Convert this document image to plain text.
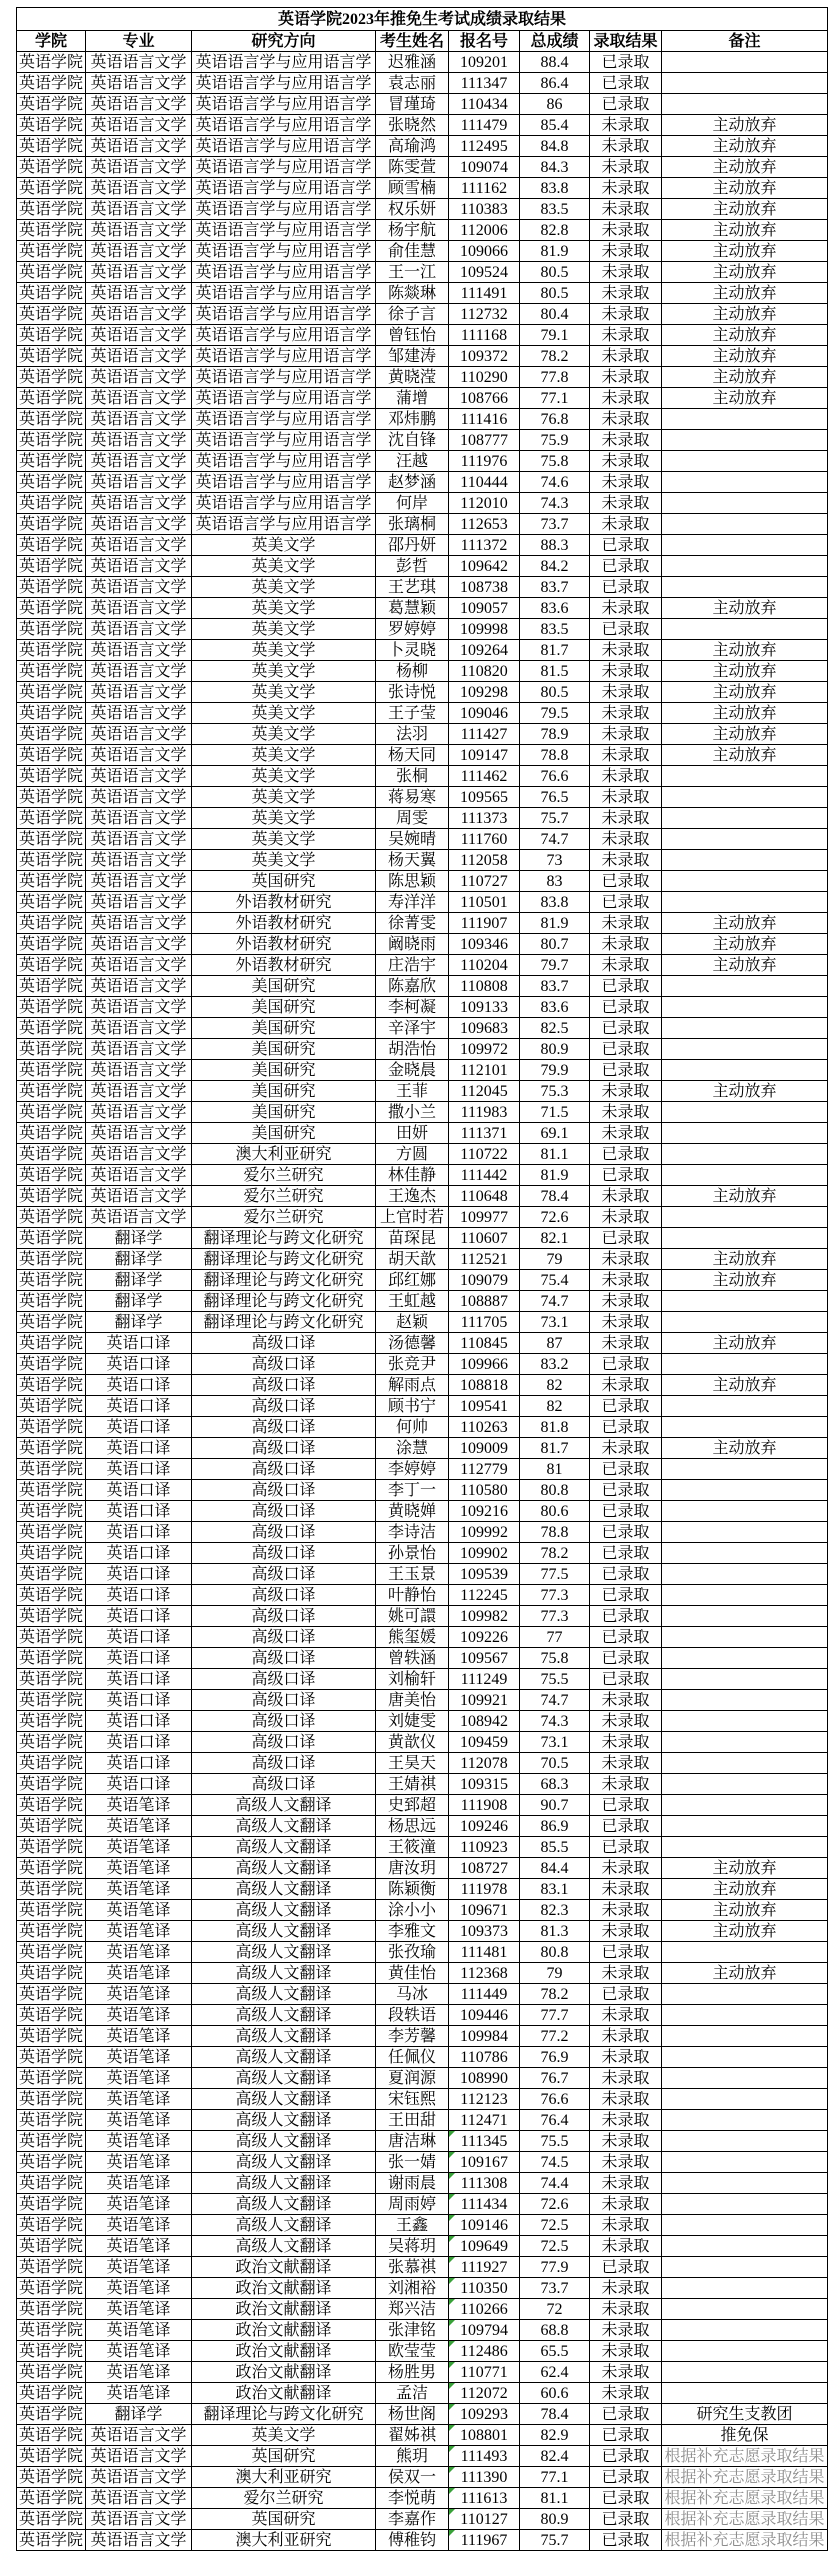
英语学院2023年推免生考试成绩录取结果							
学院	专业	研究方向	考生姓名	报名号	总成绩	录取结果	备注
英语学院	英语语言文学	英语语言学与应用语言学	迟雅涵	109201	88.4	已录取	
英语学院	英语语言文学	英语语言学与应用语言学	袁志丽	111347	86.4	已录取	
英语学院	英语语言文学	英语语言学与应用语言学	冒瑾琦	110434	86	已录取	
英语学院	英语语言文学	英语语言学与应用语言学	张晓然	111479	85.4	未录取	主动放弃
英语学院	英语语言文学	英语语言学与应用语言学	高瑜鸿	112495	84.8	未录取	主动放弃
英语学院	英语语言文学	英语语言学与应用语言学	陈雯萱	109074	84.3	未录取	主动放弃
英语学院	英语语言文学	英语语言学与应用语言学	顾雪楠	111162	83.8	未录取	主动放弃
英语学院	英语语言文学	英语语言学与应用语言学	权乐妍	110383	83.5	未录取	主动放弃
英语学院	英语语言文学	英语语言学与应用语言学	杨宇航	112006	82.8	未录取	主动放弃
英语学院	英语语言文学	英语语言学与应用语言学	俞佳慧	109066	81.9	未录取	主动放弃
英语学院	英语语言文学	英语语言学与应用语言学	王一江	109524	80.5	未录取	主动放弃
英语学院	英语语言文学	英语语言学与应用语言学	陈燚琳	111491	80.5	未录取	主动放弃
英语学院	英语语言文学	英语语言学与应用语言学	徐子言	112732	80.4	未录取	主动放弃
英语学院	英语语言文学	英语语言学与应用语言学	曾钰怡	111168	79.1	未录取	主动放弃
英语学院	英语语言文学	英语语言学与应用语言学	邹建涛	109372	78.2	未录取	主动放弃
英语学院	英语语言文学	英语语言学与应用语言学	黄晓滢	110290	77.8	未录取	主动放弃
英语学院	英语语言文学	英语语言学与应用语言学	蒲增	108766	77.1	未录取	主动放弃
英语学院	英语语言文学	英语语言学与应用语言学	邓炜鹏	111416	76.8	未录取	
英语学院	英语语言文学	英语语言学与应用语言学	沈自锋	108777	75.9	未录取	
英语学院	英语语言文学	英语语言学与应用语言学	汪越	111976	75.8	未录取	
英语学院	英语语言文学	英语语言学与应用语言学	赵梦涵	110444	74.6	未录取	
英语学院	英语语言文学	英语语言学与应用语言学	何岸	112010	74.3	未录取	
英语学院	英语语言文学	英语语言学与应用语言学	张璃桐	112653	73.7	未录取	
英语学院	英语语言文学	英美文学	邵丹妍	111372	88.3	已录取	
英语学院	英语语言文学	英美文学	彭哲	109642	84.2	已录取	
英语学院	英语语言文学	英美文学	王艺琪	108738	83.7	已录取	
英语学院	英语语言文学	英美文学	葛慧颖	109057	83.6	未录取	主动放弃
英语学院	英语语言文学	英美文学	罗婷婷	109998	83.5	已录取	
英语学院	英语语言文学	英美文学	卜灵晓	109264	81.7	未录取	主动放弃
英语学院	英语语言文学	英美文学	杨柳	110820	81.5	未录取	主动放弃
英语学院	英语语言文学	英美文学	张诗悦	109298	80.5	未录取	主动放弃
英语学院	英语语言文学	英美文学	王子莹	109046	79.5	未录取	主动放弃
英语学院	英语语言文学	英美文学	法羽	111427	78.9	未录取	主动放弃
英语学院	英语语言文学	英美文学	杨天同	109147	78.8	未录取	主动放弃
英语学院	英语语言文学	英美文学	张桐	111462	76.6	未录取	
英语学院	英语语言文学	英美文学	蒋易寒	109565	76.5	未录取	
英语学院	英语语言文学	英美文学	周雯	111373	75.7	未录取	
英语学院	英语语言文学	英美文学	吴婉晴	111760	74.7	未录取	
英语学院	英语语言文学	英美文学	杨天翼	112058	73	未录取	
英语学院	英语语言文学	英国研究	陈思颖	110727	83	已录取	
英语学院	英语语言文学	外语教材研究	寿洋洋	110501	83.8	已录取	
英语学院	英语语言文学	外语教材研究	徐菁雯	111907	81.9	未录取	主动放弃
英语学院	英语语言文学	外语教材研究	阚晓雨	109346	80.7	未录取	主动放弃
英语学院	英语语言文学	外语教材研究	庄浩宇	110204	79.7	未录取	主动放弃
英语学院	英语语言文学	美国研究	陈嘉欣	110808	83.7	已录取	
英语学院	英语语言文学	美国研究	李柯凝	109133	83.6	已录取	
英语学院	英语语言文学	美国研究	辛泽宇	109683	82.5	已录取	
英语学院	英语语言文学	美国研究	胡浩怡	109972	80.9	已录取	
英语学院	英语语言文学	美国研究	金晓晨	112101	79.9	已录取	
英语学院	英语语言文学	美国研究	王菲	112045	75.3	未录取	主动放弃
英语学院	英语语言文学	美国研究	撒小兰	111983	71.5	未录取	
英语学院	英语语言文学	美国研究	田妍	111371	69.1	未录取	
英语学院	英语语言文学	澳大利亚研究	方圆	110722	81.1	已录取	
英语学院	英语语言文学	爱尔兰研究	林佳静	111442	81.9	已录取	
英语学院	英语语言文学	爱尔兰研究	王逸杰	110648	78.4	未录取	主动放弃
英语学院	英语语言文学	爱尔兰研究	上官时若	109977	72.6	未录取	
英语学院	翻译学	翻译理论与跨文化研究	苗琛昆	110607	82.1	已录取	
英语学院	翻译学	翻译理论与跨文化研究	胡天歆	112521	79	未录取	主动放弃
英语学院	翻译学	翻译理论与跨文化研究	邱红娜	109079	75.4	未录取	主动放弃
英语学院	翻译学	翻译理论与跨文化研究	王虹越	108887	74.7	未录取	
英语学院	翻译学	翻译理论与跨文化研究	赵颖	111705	73.1	未录取	
英语学院	英语口译	高级口译	汤德馨	110845	87	未录取	主动放弃
英语学院	英语口译	高级口译	张竞尹	109966	83.2	已录取	
英语学院	英语口译	高级口译	解雨点	108818	82	未录取	主动放弃
英语学院	英语口译	高级口译	顾书宁	109541	82	已录取	
英语学院	英语口译	高级口译	何帅	110263	81.8	已录取	
英语学院	英语口译	高级口译	涂慧	109009	81.7	未录取	主动放弃
英语学院	英语口译	高级口译	李婷婷	112779	81	已录取	
英语学院	英语口译	高级口译	李丁一	110580	80.8	已录取	
英语学院	英语口译	高级口译	黄晓婵	109216	80.6	已录取	
英语学院	英语口译	高级口译	李诗洁	109992	78.8	已录取	
英语学院	英语口译	高级口译	孙景怡	109902	78.2	已录取	
英语学院	英语口译	高级口译	王玉景	109539	77.5	已录取	
英语学院	英语口译	高级口译	叶静怡	112245	77.3	已录取	
英语学院	英语口译	高级口译	姚可譞	109982	77.3	已录取	
英语学院	英语口译	高级口译	熊玺媛	109226	77	已录取	
英语学院	英语口译	高级口译	曾轶涵	109567	75.8	已录取	
英语学院	英语口译	高级口译	刘榆轩	111249	75.5	已录取	
英语学院	英语口译	高级口译	唐美怡	109921	74.7	未录取	
英语学院	英语口译	高级口译	刘婕雯	108942	74.3	未录取	
英语学院	英语口译	高级口译	黄歆仪	109459	73.1	未录取	
英语学院	英语口译	高级口译	王昊天	112078	70.5	未录取	
英语学院	英语口译	高级口译	王婧祺	109315	68.3	未录取	
英语学院	英语笔译	高级人文翻译	史郅超	111908	90.7	已录取	
英语学院	英语笔译	高级人文翻译	杨思远	109246	86.9	已录取	
英语学院	英语笔译	高级人文翻译	王筱潼	110923	85.5	已录取	
英语学院	英语笔译	高级人文翻译	唐汝玥	108727	84.4	未录取	主动放弃
英语学院	英语笔译	高级人文翻译	陈颖衡	111978	83.1	未录取	主动放弃
英语学院	英语笔译	高级人文翻译	涂小小	109671	82.3	未录取	主动放弃
英语学院	英语笔译	高级人文翻译	李雅文	109373	81.3	未录取	主动放弃
英语学院	英语笔译	高级人文翻译	张孜瑜	111481	80.8	已录取	
英语学院	英语笔译	高级人文翻译	黄佳怡	112368	79	未录取	主动放弃
英语学院	英语笔译	高级人文翻译	马冰	111449	78.2	已录取	
英语学院	英语笔译	高级人文翻译	段轶语	109446	77.7	未录取	
英语学院	英语笔译	高级人文翻译	李芳馨	109984	77.2	未录取	
英语学院	英语笔译	高级人文翻译	任佩仪	110786	76.9	未录取	
英语学院	英语笔译	高级人文翻译	夏润源	108990	76.7	未录取	
英语学院	英语笔译	高级人文翻译	宋钰熙	112123	76.6	未录取	
英语学院	英语笔译	高级人文翻译	王田甜	112471	76.4	未录取	
英语学院	英语笔译	高级人文翻译	唐洁琳	111345	75.5	未录取	
英语学院	英语笔译	高级人文翻译	张一婧	109167	74.5	未录取	
英语学院	英语笔译	高级人文翻译	谢雨晨	111308	74.4	未录取	
英语学院	英语笔译	高级人文翻译	周雨婷	111434	72.6	未录取	
英语学院	英语笔译	高级人文翻译	王鑫	109146	72.5	未录取	
英语学院	英语笔译	高级人文翻译	吴蒋玥	109649	72.5	未录取	
英语学院	英语笔译	政治文献翻译	张慕祺	111927	77.9	已录取	
英语学院	英语笔译	政治文献翻译	刘湘裕	110350	73.7	未录取	
英语学院	英语笔译	政治文献翻译	郑兴洁	110266	72	未录取	
英语学院	英语笔译	政治文献翻译	张津铭	109794	68.8	未录取	
英语学院	英语笔译	政治文献翻译	欧莹莹	112486	65.5	未录取	
英语学院	英语笔译	政治文献翻译	杨胜男	110771	62.4	未录取	
英语学院	英语笔译	政治文献翻译	孟洁	112072	60.6	未录取	
英语学院	翻译学	翻译理论与跨文化研究	杨世阁	109293	78.4	已录取	研究生支教团
英语学院	英语语言文学	英美文学	翟姊祺	108801	82.9	已录取	推免保
英语学院	英语语言文学	英国研究	熊玥	111493	82.4	已录取	根据补充志愿录取结果
英语学院	英语语言文学	澳大利亚研究	侯双一	111390	77.1	已录取	根据补充志愿录取结果
英语学院	英语语言文学	爱尔兰研究	李悦萌	111613	81.1	已录取	根据补充志愿录取结果
英语学院	英语语言文学	英国研究	李嘉作	110127	80.9	已录取	根据补充志愿录取结果
英语学院	英语语言文学	澳大利亚研究	傅稚钧	111967	75.7	已录取	根据补充志愿录取结果
